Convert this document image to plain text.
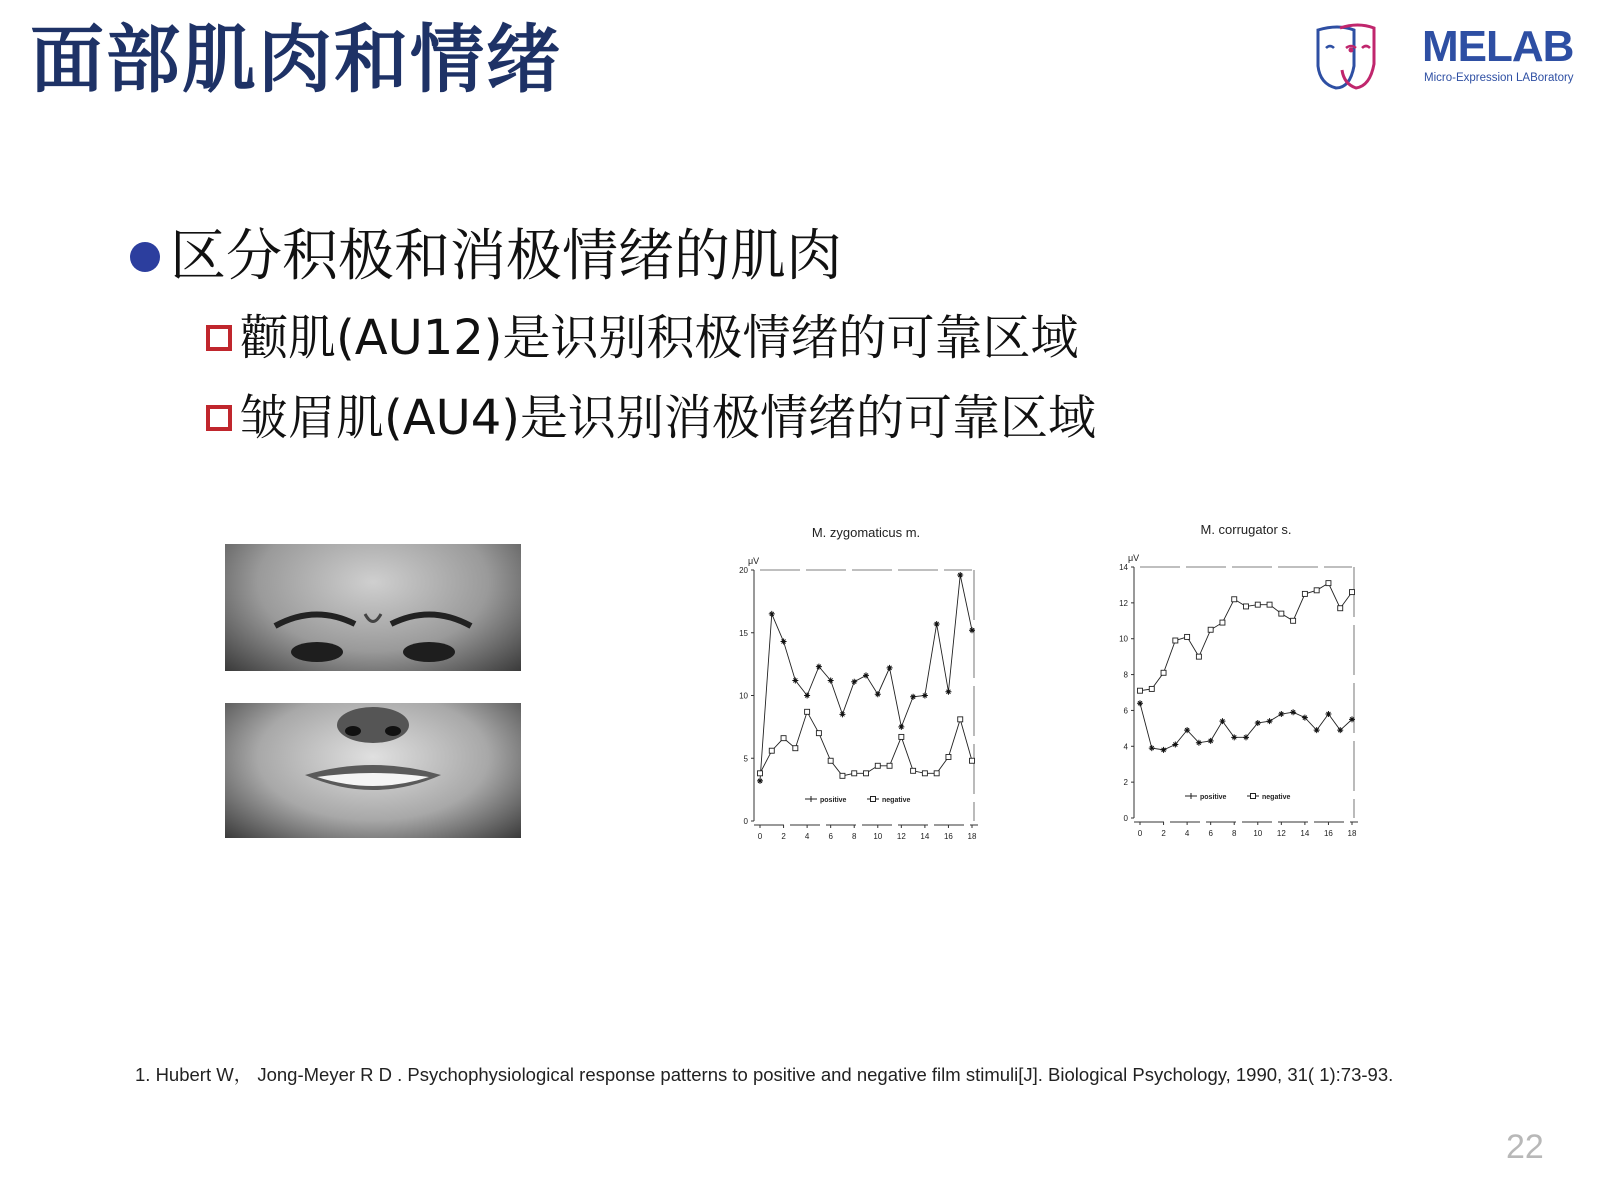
面部肌肉和情绪	MELAB
Micro-Expression LABoratory
区分积极和消极情绪的肌肉
颧肌(AU12)是识别积极情绪的可靠区域
皱眉肌(AU4)是识别消极情绪的可靠区域
M. zygomaticus m.
μV
0
5
10
15
20
0 2 4 6 8 10 12 14 16 18
positive	negative
M. corrugator s.
μV
0
2
4
6
8
10
12
14
0 2 4 6 8 10 12 14 16 18
positive	negative
1. Hubert W， Jong-Meyer R D . Psychophysiological response patterns to positive and negative film stimuli[J]. Biological Psychology, 1990, 31( 1):73-93.
22
